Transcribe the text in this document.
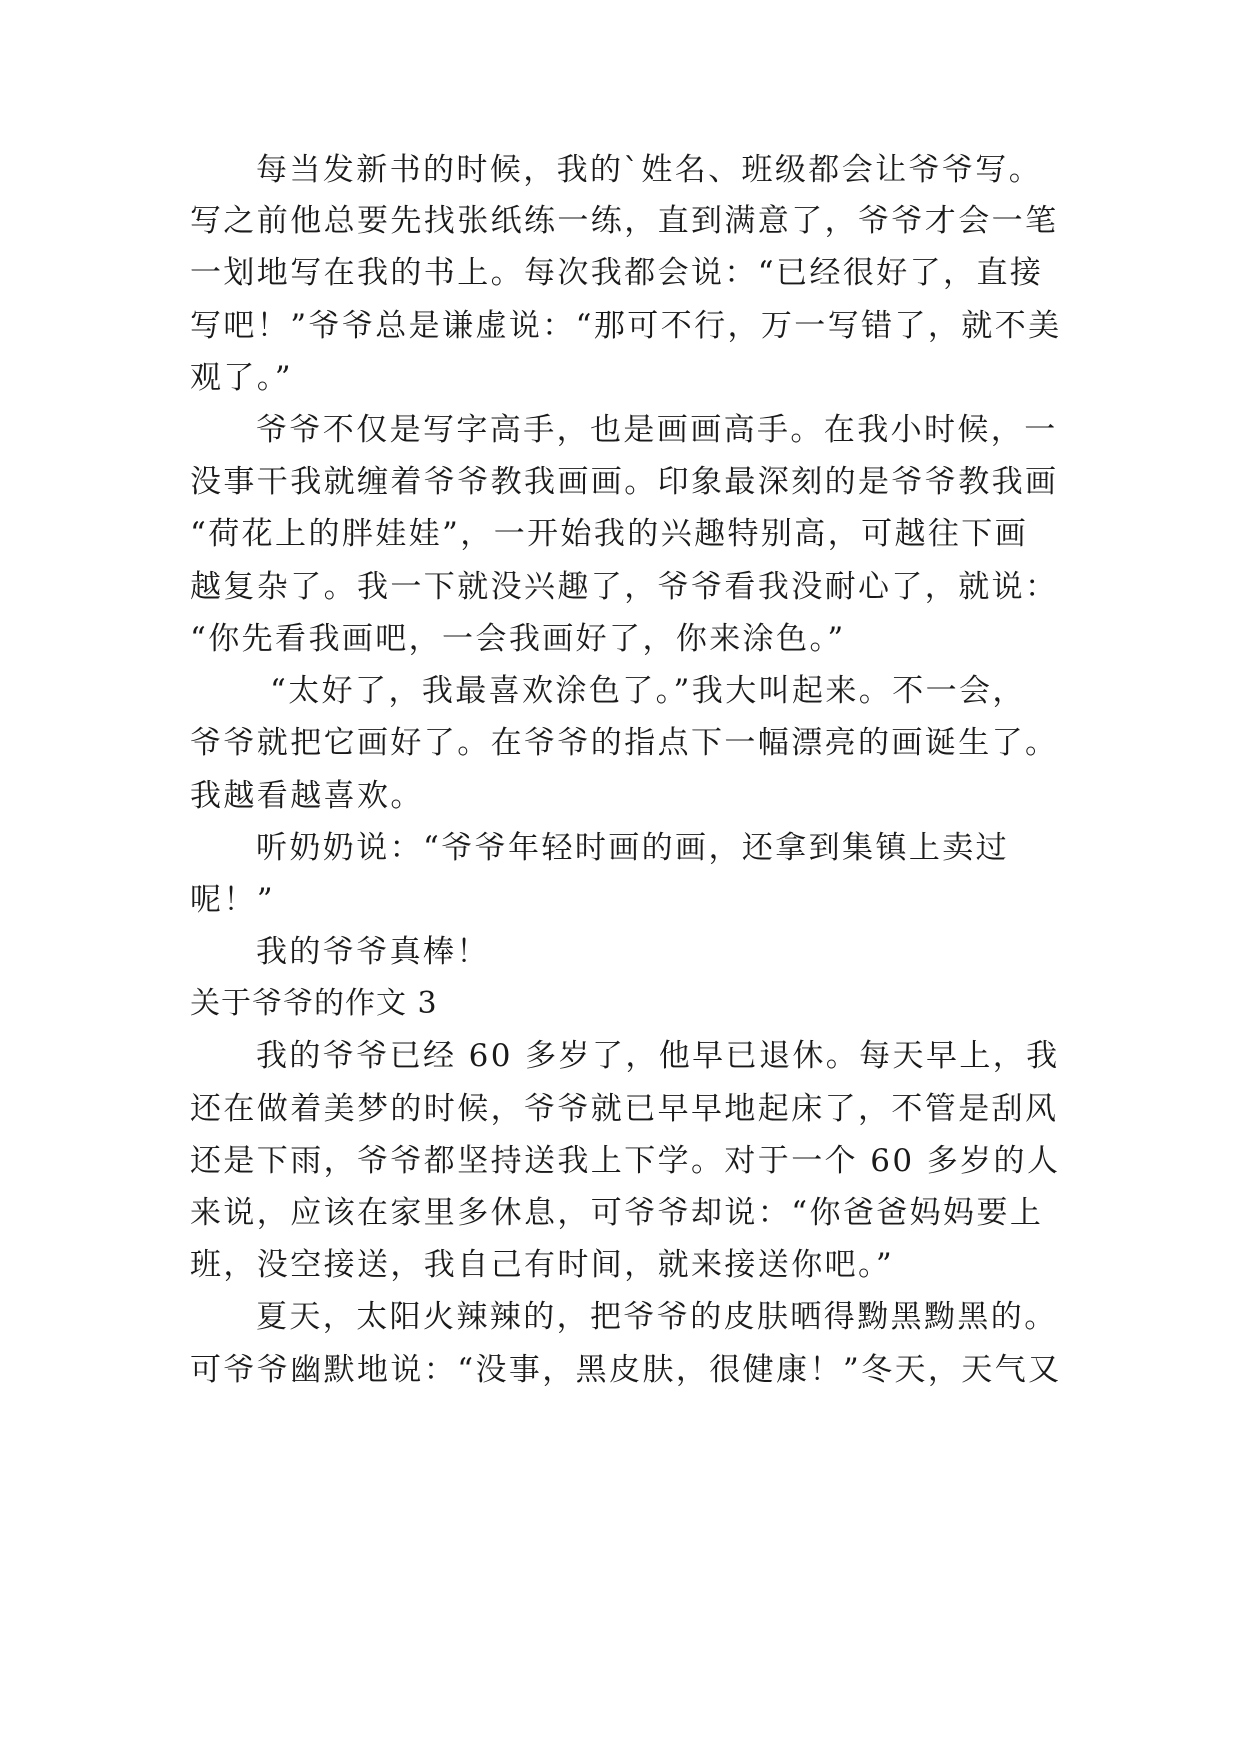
每当发新书的时候，我的`姓名、班级都会让爷爷写。
写之前他总要先找张纸练一练，直到满意了，爷爷才会一笔
一划地写在我的书上。每次我都会说：“已经很好了，直接
写吧！”爷爷总是谦虚说：“那可不行，万一写错了，就不美
观了。”
爷爷不仅是写字高手，也是画画高手。在我小时候，一
没事干我就缠着爷爷教我画画。印象最深刻的是爷爷教我画
“荷花上的胖娃娃”，一开始我的兴趣特别高，可越往下画
越复杂了。我一下就没兴趣了，爷爷看我没耐心了，就说：
“你先看我画吧，一会我画好了，你来涂色。”
“太好了，我最喜欢涂色了。”我大叫起来。不一会，
爷爷就把它画好了。在爷爷的指点下一幅漂亮的画诞生了。
我越看越喜欢。
听奶奶说：“爷爷年轻时画的画，还拿到集镇上卖过
呢！”
我的爷爷真棒！
关于爷爷的作文 3
我的爷爷已经 60 多岁了，他早已退休。每天早上，我
还在做着美梦的时候，爷爷就已早早地起床了，不管是刮风
还是下雨，爷爷都坚持送我上下学。对于一个 60 多岁的人
来说，应该在家里多休息，可爷爷却说：“你爸爸妈妈要上
班，没空接送，我自己有时间，就来接送你吧。”
夏天，太阳火辣辣的，把爷爷的皮肤晒得黝黑黝黑的。
可爷爷幽默地说：“没事，黑皮肤，很健康！”冬天，天气又
